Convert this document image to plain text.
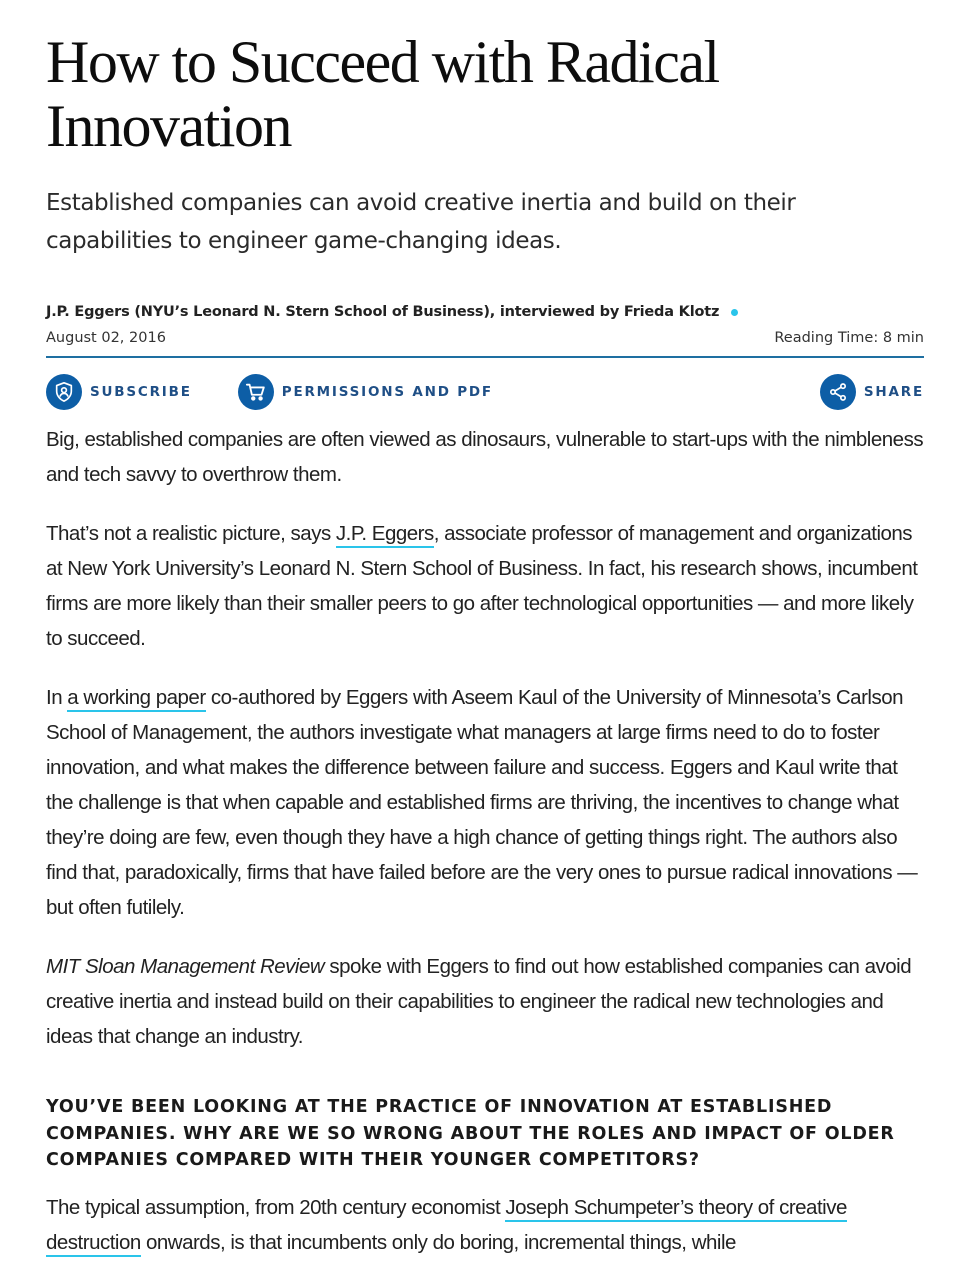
How to Succeed with Radical Innovation

Established companies can avoid creative inertia and build on their capabilities to engineer game-changing ideas.

J.P. Eggers (NYU’s Leonard N. Stern School of Business), interviewed by Frieda Klotz
August 02, 2016	Reading Time: 8 min
SUBSCRIBE	PERMISSIONS AND PDF	SHARE

Big, established companies are often viewed as dinosaurs, vulnerable to start-ups with the nimbleness and tech savvy to overthrow them.

That’s not a realistic picture, says J.P. Eggers, associate professor of management and organizations at New York University’s Leonard N. Stern School of Business. In fact, his research shows, incumbent firms are more likely than their smaller peers to go after technological opportunities — and more likely to succeed.

In a working paper co-authored by Eggers with Aseem Kaul of the University of Minnesota’s Carlson School of Management, the authors investigate what managers at large firms need to do to foster innovation, and what makes the difference between failure and success. Eggers and Kaul write that the challenge is that when capable and established firms are thriving, the incentives to change what they’re doing are few, even though they have a high chance of getting things right. The authors also find that, paradoxically, firms that have failed before are the very ones to pursue radical innovations — but often futilely.

MIT Sloan Management Review spoke with Eggers to find out how established companies can avoid creative inertia and instead build on their capabilities to engineer the radical new technologies and ideas that change an industry.

YOU’VE BEEN LOOKING AT THE PRACTICE OF INNOVATION AT ESTABLISHED COMPANIES. WHY ARE WE SO WRONG ABOUT THE ROLES AND IMPACT OF OLDER COMPANIES COMPARED WITH THEIR YOUNGER COMPETITORS?

The typical assumption, from 20th century economist Joseph Schumpeter’s theory of creative destruction onwards, is that incumbents only do boring, incremental things, while
